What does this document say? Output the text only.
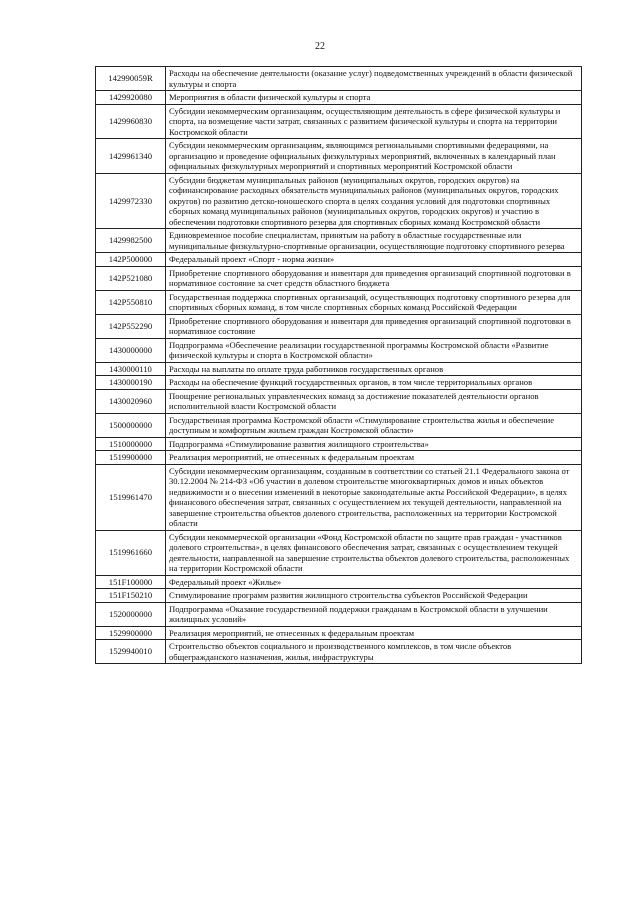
22
142990059R	Расходы на обеспечение деятельности (оказание услуг) подведомственных учреждений в области физической культуры и спорта
1429920080	Мероприятия в области физической культуры и спорта
1429960830	Субсидии некоммерческим организациям, осуществляющим деятельность в сфере физической культуры и спорта, на возмещение части затрат, связанных с развитием физической культуры и спорта на территории Костромской области
1429961340	Субсидии некоммерческим организациям, являющимся региональными спортивными федерациями, на организацию и проведение официальных физкультурных мероприятий, включенных в календарный план официальных физкультурных мероприятий и спортивных мероприятий Костромской области
1429972330	Субсидии бюджетам муниципальных районов (муниципальных округов, городских округов) на софинансирование расходных обязательств муниципальных районов (муниципальных округов, городских округов) по развитию детско-юношеского спорта в целях создания условий для подготовки спортивных сборных команд муниципальных районов (муниципальных округов, городских округов) и участию в обеспечении подготовки спортивного резерва для спортивных сборных команд Костромской области
1429982500	Единовременное пособие специалистам, принятым на работу в областные государственные или муниципальные физкультурно-спортивные организации, осуществляющие подготовку спортивного резерва
142P500000	Федеральный проект «Спорт - норма жизни»
142P521080	Приобретение спортивного оборудования и инвентаря для приведения организаций спортивной подготовки в нормативное состояние за счет средств областного бюджета
142P550810	Государственная поддержка спортивных организаций, осуществляющих подготовку спортивного резерва для спортивных сборных команд, в том числе спортивных сборных команд Российской Федерации
142P552290	Приобретение спортивного оборудования и инвентаря для приведения организаций спортивной подготовки в нормативное состояние
1430000000	Подпрограмма «Обеспечение реализации государственной программы Костромской области «Развитие физической культуры и спорта в Костромской области»
1430000110	Расходы на выплаты по оплате труда работников государственных органов
1430000190	Расходы на обеспечение функций государственных органов, в том числе территориальных органов
1430020960	Поощрение региональных управленческих команд за достижение показателей деятельности органов исполнительной власти Костромской области
1500000000	Государственная программа Костромской области «Стимулирование строительства жилья и обеспечение доступным и комфортным жильем граждан Костромской области»
1510000000	Подпрограмма «Стимулирование развития жилищного строительства»
1519900000	Реализация мероприятий, не отнесенных к федеральным проектам
1519961470	Субсидии некоммерческим организациям, созданным в соответствии со статьей 21.1 Федерального закона от 30.12.2004 № 214-ФЗ «Об участии в долевом строительстве многоквартирных домов и иных объектов недвижимости и о внесении изменений в некоторые законодательные акты Российской Федерации», в целях финансового обеспечения затрат, связанных с осуществлением их текущей деятельности, направленной на завершение строительства объектов долевого строительства, расположенных на территории Костромской области
1519961660	Субсидии некоммерческой организации «Фонд Костромской области по защите прав граждан - участников долевого строительства», в целях финансового обеспечения затрат, связанных с осуществлением текущей деятельности, направленной на завершение строительства объектов долевого строительства, расположенных на территории Костромской области
151F100000	Федеральный проект «Жилье»
151F150210	Стимулирование программ развития жилищного строительства субъектов Российской Федерации
1520000000	Подпрограмма «Оказание государственной поддержки гражданам в Костромской области в улучшении жилищных условий»
1529900000	Реализация мероприятий, не отнесенных к федеральным проектам
1529940010	Строительство объектов социального и производственного комплексов, в том числе объектов общегражданского назначения, жилья, инфраструктуры
